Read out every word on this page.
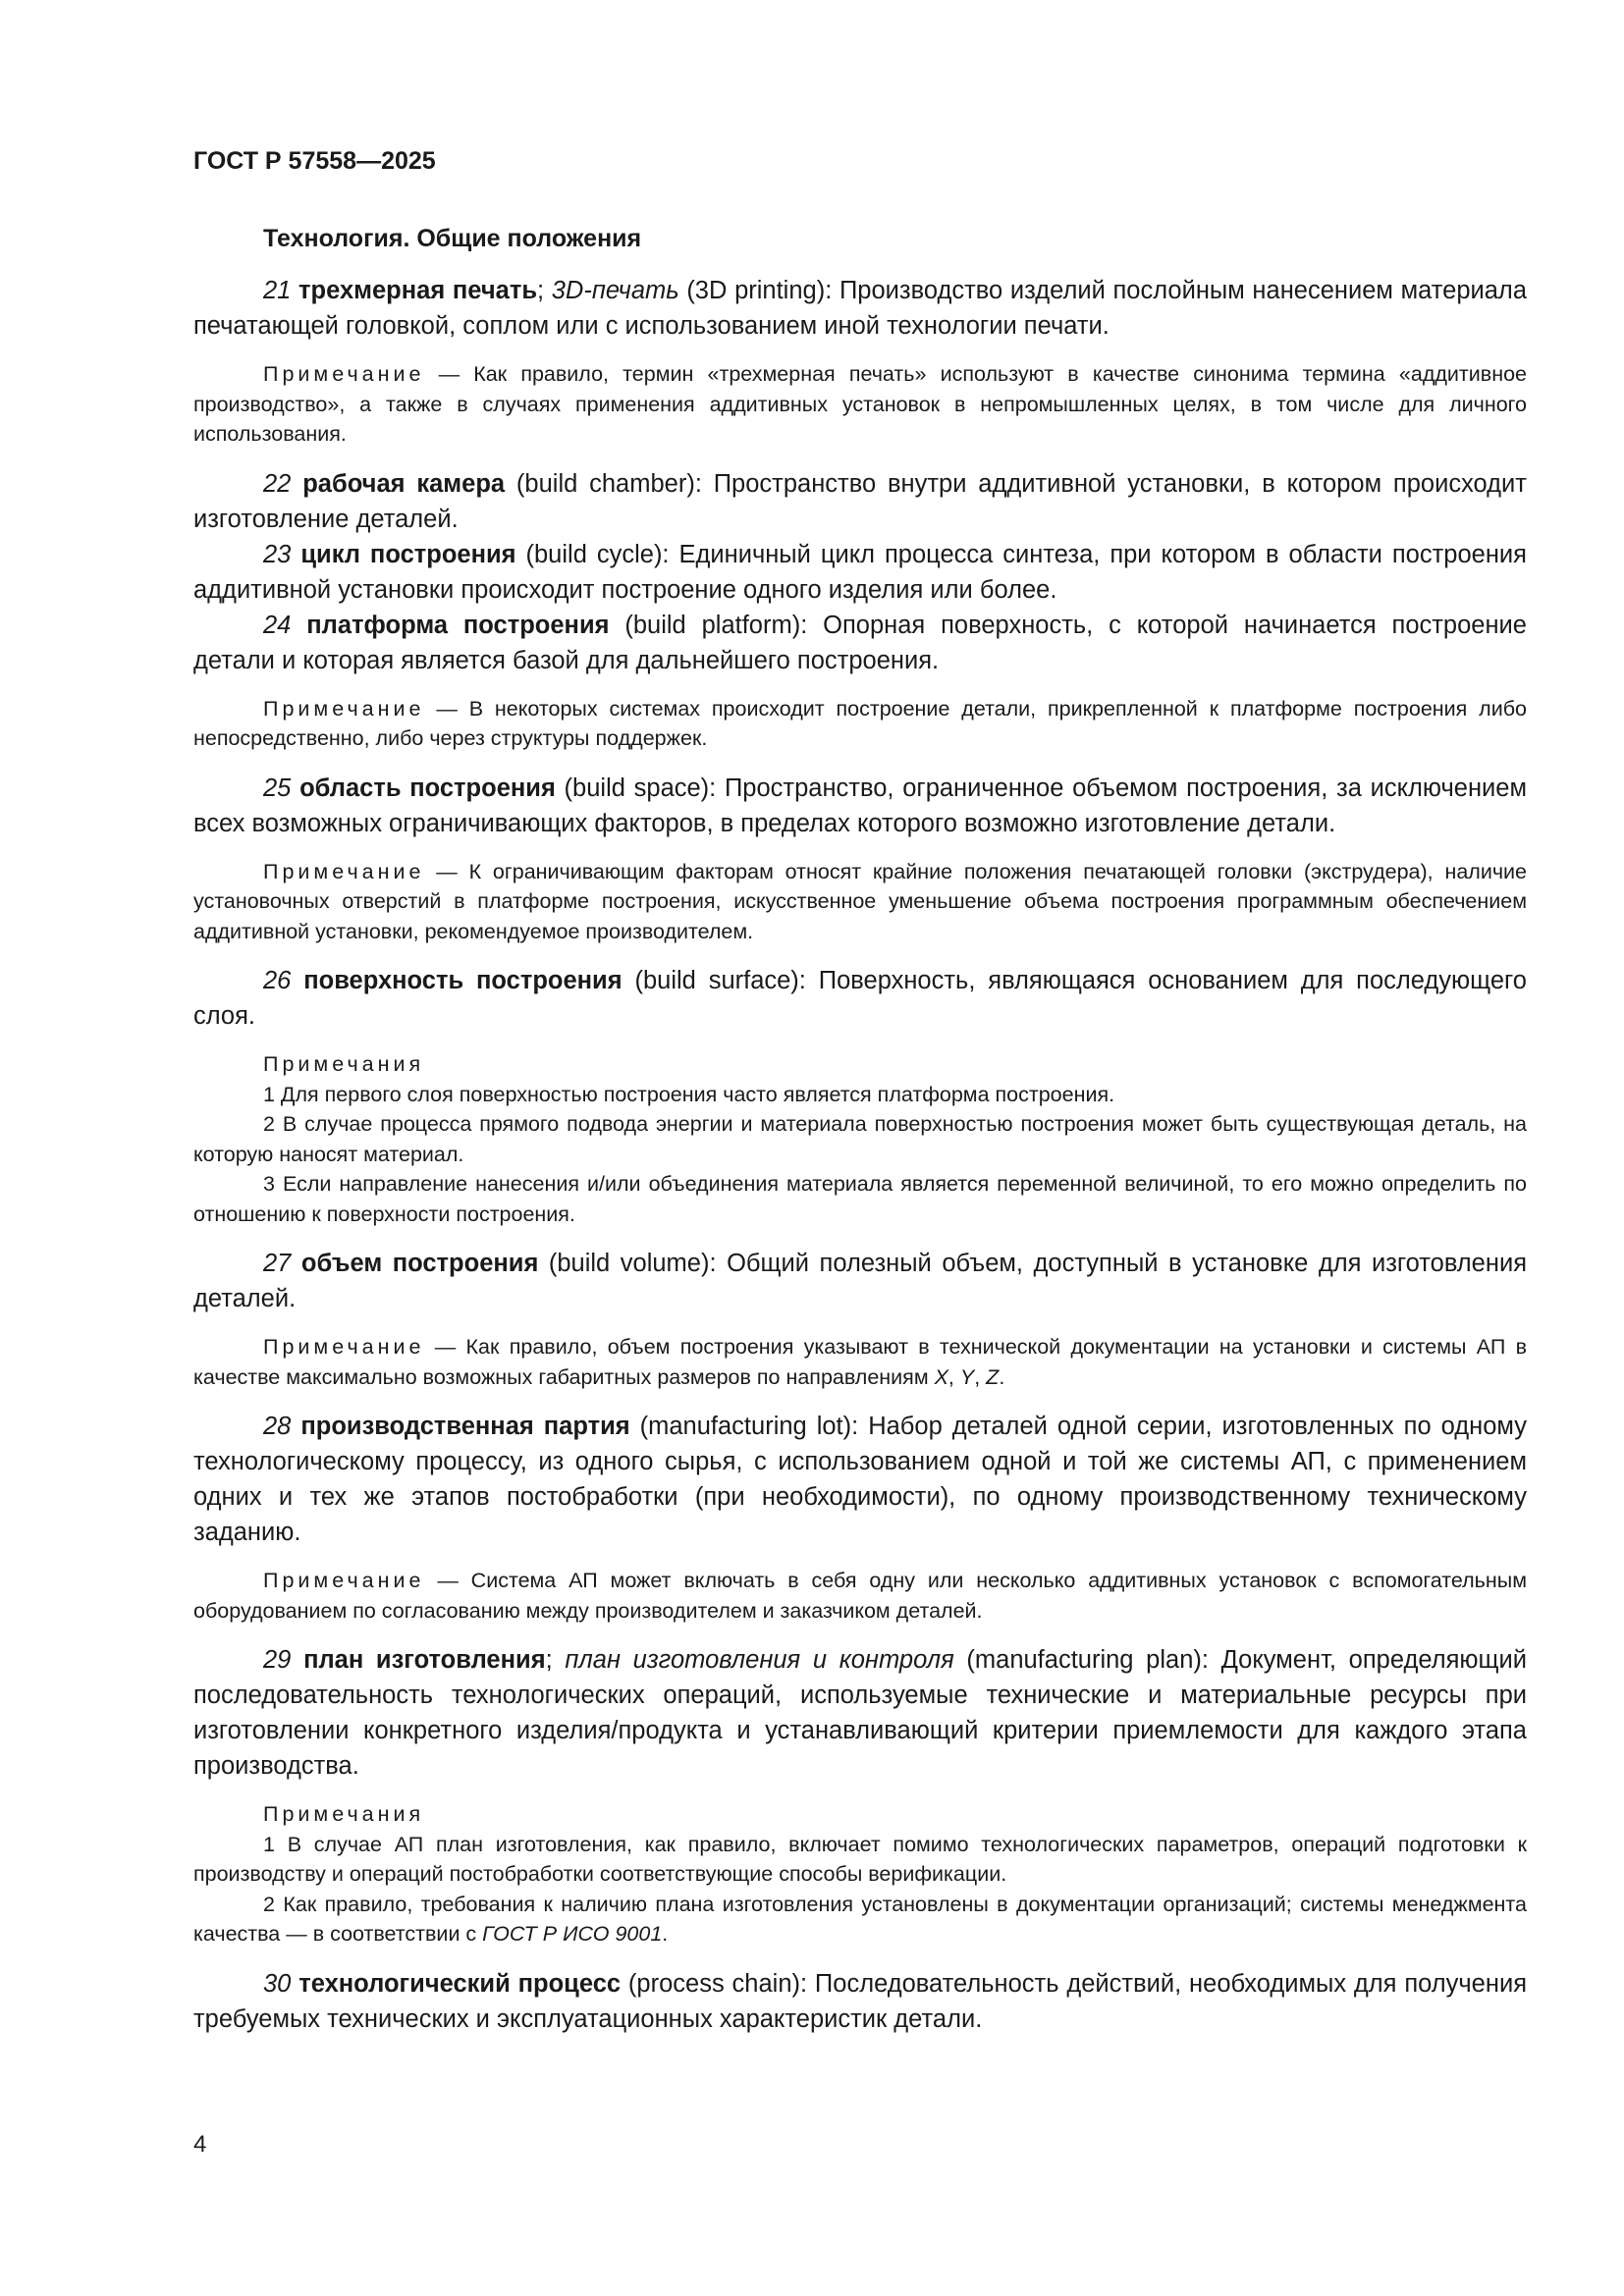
ГОСТ Р 57558—2025
Технология. Общие положения

21 трехмерная печать; 3D-печать (3D printing): Производство изделий послойным нанесением материала печатающей головкой, соплом или с использованием иной технологии печати.

Примечание — Как правило, термин «трехмерная печать» используют в качестве синонима термина «аддитивное производство», а также в случаях применения аддитивных установок в непромышленных целях, в том числе для личного использования.

22 рабочая камера (build chamber): Пространство внутри аддитивной установки, в котором происходит изготовление деталей.

23 цикл построения (build cycle): Единичный цикл процесса синтеза, при котором в области построения аддитивной установки происходит построение одного изделия или более.

24 платформа построения (build platform): Опорная поверхность, с которой начинается построение детали и которая является базой для дальнейшего построения.

Примечание — В некоторых системах происходит построение детали, прикрепленной к платформе построения либо непосредственно, либо через структуры поддержек.

25 область построения (build space): Пространство, ограниченное объемом построения, за исключением всех возможных ограничивающих факторов, в пределах которого возможно изготовление детали.

Примечание — К ограничивающим факторам относят крайние положения печатающей головки (экструдера), наличие установочных отверстий в платформе построения, искусственное уменьшение объема построения программным обеспечением аддитивной установки, рекомендуемое производителем.

26 поверхность построения (build surface): Поверхность, являющаяся основанием для последующего слоя.

Примечания

1 Для первого слоя поверхностью построения часто является платформа построения.

2 В случае процесса прямого подвода энергии и материала поверхностью построения может быть существующая деталь, на которую наносят материал.

3 Если направление нанесения и/или объединения материала является переменной величиной, то его можно определить по отношению к поверхности построения.

27 объем построения (build volume): Общий полезный объем, доступный в установке для изготовления деталей.

Примечание — Как правило, объем построения указывают в технической документации на установки и системы АП в качестве максимально возможных габаритных размеров по направлениям X, Y, Z.

28 производственная партия (manufacturing lot): Набор деталей одной серии, изготовленных по одному технологическому процессу, из одного сырья, с использованием одной и той же системы АП, с применением одних и тех же этапов постобработки (при необходимости), по одному производственному техническому заданию.

Примечание — Система АП может включать в себя одну или несколько аддитивных установок с вспомогательным оборудованием по согласованию между производителем и заказчиком деталей.

29 план изготовления; план изготовления и контроля (manufacturing plan): Документ, определяющий последовательность технологических операций, используемые технические и материальные ресурсы при изготовлении конкретного изделия/продукта и устанавливающий критерии приемлемости для каждого этапа производства.

Примечания

1 В случае АП план изготовления, как правило, включает помимо технологических параметров, операций подготовки к производству и операций постобработки соответствующие способы верификации.

2 Как правило, требования к наличию плана изготовления установлены в документации организаций; системы менеджмента качества — в соответствии с ГОСТ Р ИСО 9001.

30 технологический процесс (process chain): Последовательность действий, необходимых для получения требуемых технических и эксплуатационных характеристик детали.

4
